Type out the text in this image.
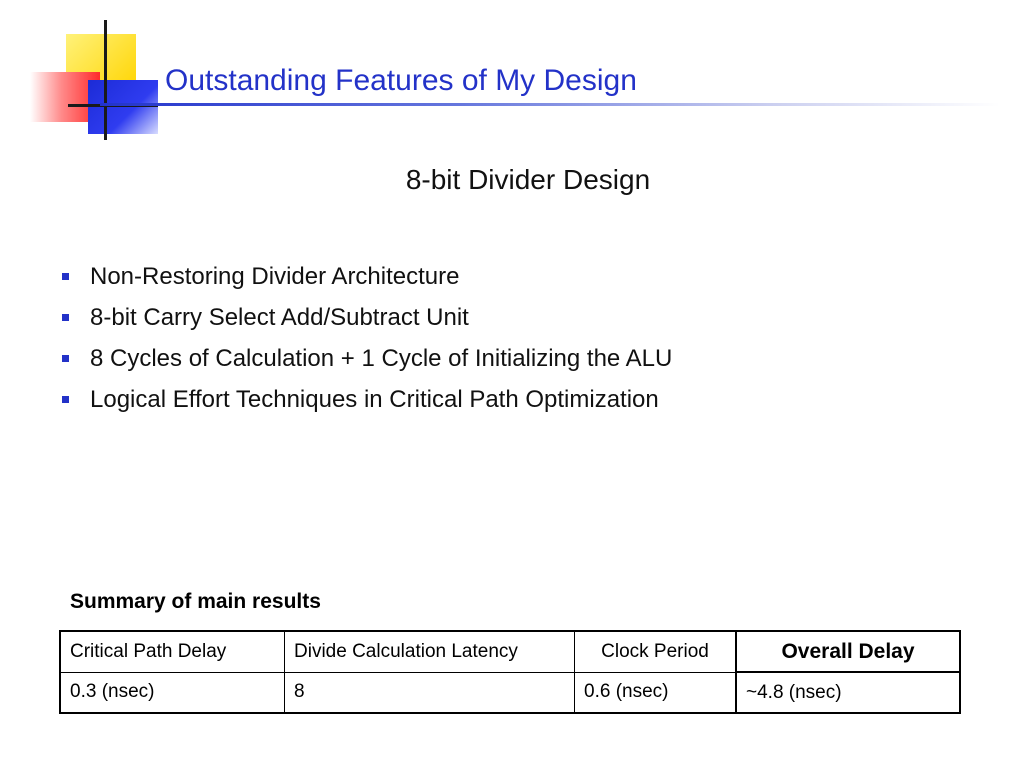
Outstanding Features of My Design
8-bit Divider Design
Non-Restoring Divider Architecture
8-bit Carry Select Add/Subtract Unit
8 Cycles of Calculation + 1 Cycle of Initializing the ALU
Logical Effort Techniques in Critical Path Optimization

Summary of main results

Critical Path Delay	Divide Calculation Latency	Clock Period	Overall Delay
0.3 (nsec)	8	0.6 (nsec)	~4.8 (nsec)
